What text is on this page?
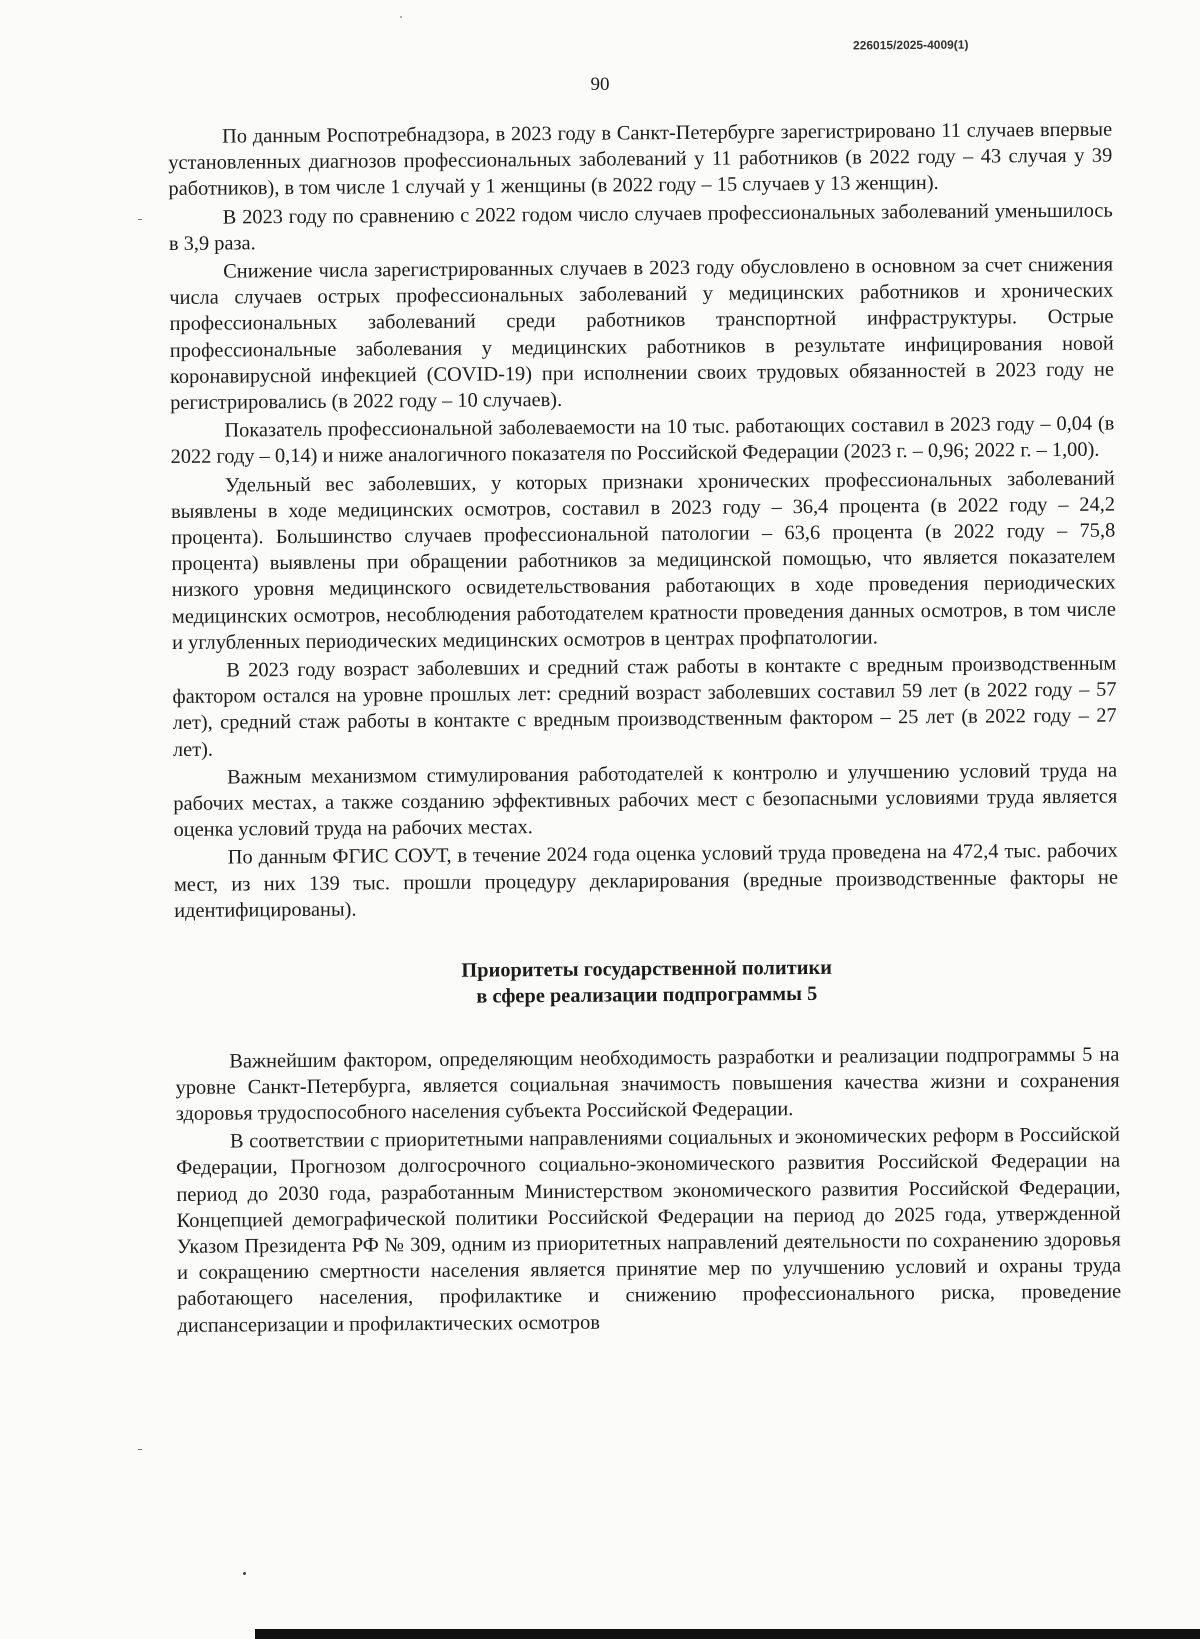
226015/2025-4009(1)
90

По данным Роспотребнадзора, в 2023 году в Санкт-Петербурге зарегистрировано 11 случаев впервые установленных диагнозов профессиональных заболеваний у 11 работников (в 2022 году – 43 случая у 39 работников), в том числе 1 случай у 1 женщины (в 2022 году – 15 случаев у 13 женщин).

В 2023 году по сравнению с 2022 годом число случаев профессиональных заболеваний уменьшилось в 3,9 раза.

Снижение числа зарегистрированных случаев в 2023 году обусловлено в основном за счет снижения числа случаев острых профессиональных заболеваний у медицинских работников и хронических профессиональных заболеваний среди работников транспортной инфраструктуры. Острые профессиональные заболевания у медицинских работников в результате инфицирования новой коронавирусной инфекцией (COVID-19) при исполнении своих трудовых обязанностей в 2023 году не регистрировались (в 2022 году – 10 случаев).

Показатель профессиональной заболеваемости на 10 тыс. работающих составил в 2023 году – 0,04 (в 2022 году – 0,14) и ниже аналогичного показателя по Российской Федерации (2023 г. – 0,96; 2022 г. – 1,00).

Удельный вес заболевших, у которых признаки хронических профессиональных заболеваний выявлены в ходе медицинских осмотров, составил в 2023 году – 36,4 процента (в 2022 году – 24,2 процента). Большинство случаев профессиональной патологии – 63,6 процента (в 2022 году – 75,8 процента) выявлены при обращении работников за медицинской помощью, что является показателем низкого уровня медицинского освидетельствования работающих в ходе проведения периодических медицинских осмотров, несоблюдения работодателем кратности проведения данных осмотров, в том числе и углубленных периодических медицинских осмотров в центрах профпатологии.

В 2023 году возраст заболевших и средний стаж работы в контакте с вредным производственным фактором остался на уровне прошлых лет: средний возраст заболевших составил 59 лет (в 2022 году – 57 лет), средний стаж работы в контакте с вредным производственным фактором – 25 лет (в 2022 году – 27 лет).

Важным механизмом стимулирования работодателей к контролю и улучшению условий труда на рабочих местах, а также созданию эффективных рабочих мест с безопасными условиями труда является оценка условий труда на рабочих местах.

По данным ФГИС СОУТ, в течение 2024 года оценка условий труда проведена на 472,4 тыс. рабочих мест, из них 139 тыс. прошли процедуру декларирования (вредные производственные факторы не идентифицированы).

Приоритеты государственной политики
в сфере реализации подпрограммы 5

Важнейшим фактором, определяющим необходимость разработки и реализации подпрограммы 5 на уровне Санкт-Петербурга, является социальная значимость повышения качества жизни и сохранения здоровья трудоспособного населения субъекта Российской Федерации.

В соответствии с приоритетными направлениями социальных и экономических реформ в Российской Федерации, Прогнозом долгосрочного социально-экономического развития Российской Федерации на период до 2030 года, разработанным Министерством экономического развития Российской Федерации, Концепцией демографической политики Российской Федерации на период до 2025 года, утвержденной Указом Президента РФ № 309, одним из приоритетных направлений деятельности по сохранению здоровья и сокращению смертности населения является принятие мер по улучшению условий и охраны труда работающего населения, профилактике и снижению профессионального риска, проведение диспансеризации и профилактических осмотров
